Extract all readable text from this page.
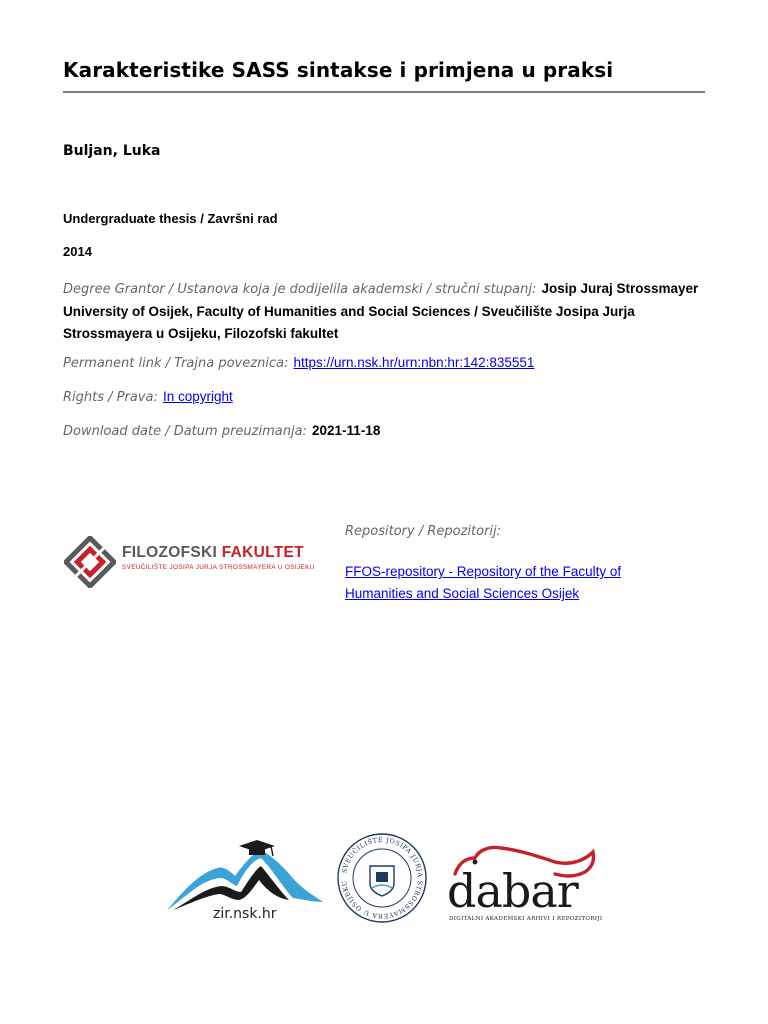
Karakteristike SASS sintakse i primjena u praksi
Buljan, Luka
Undergraduate thesis / Završni rad
2014
Degree Grantor / Ustanova koja je dodijelila akademski / stručni stupanj: Josip Juraj Strossmayer University of Osijek, Faculty of Humanities and Social Sciences / Sveučilište Josipa Jurja Strossmayera u Osijeku, Filozofski fakultet
Permanent link / Trajna poveznica: https://urn.nsk.hr/urn:nbn:hr:142:835551
Rights / Prava: In copyright
Download date / Datum preuzimanja: 2021-11-18
FILOZOFSKI FAKULTET
SVEUČILIŠTE JOSIPA JURJA STROSSMAYERA U OSIJEKU
Repository / Repozitorij:
FFOS-repository - Repository of the Faculty of Humanities and Social Sciences Osijek
zir.nsk.hr
SVEUČILIŠTE JOSIPA JURJA STROSSMAYERA U OSIJEKU	dabar
DIGITALNI AKADEMSKI ARHIVI I REPOZITORIJI
